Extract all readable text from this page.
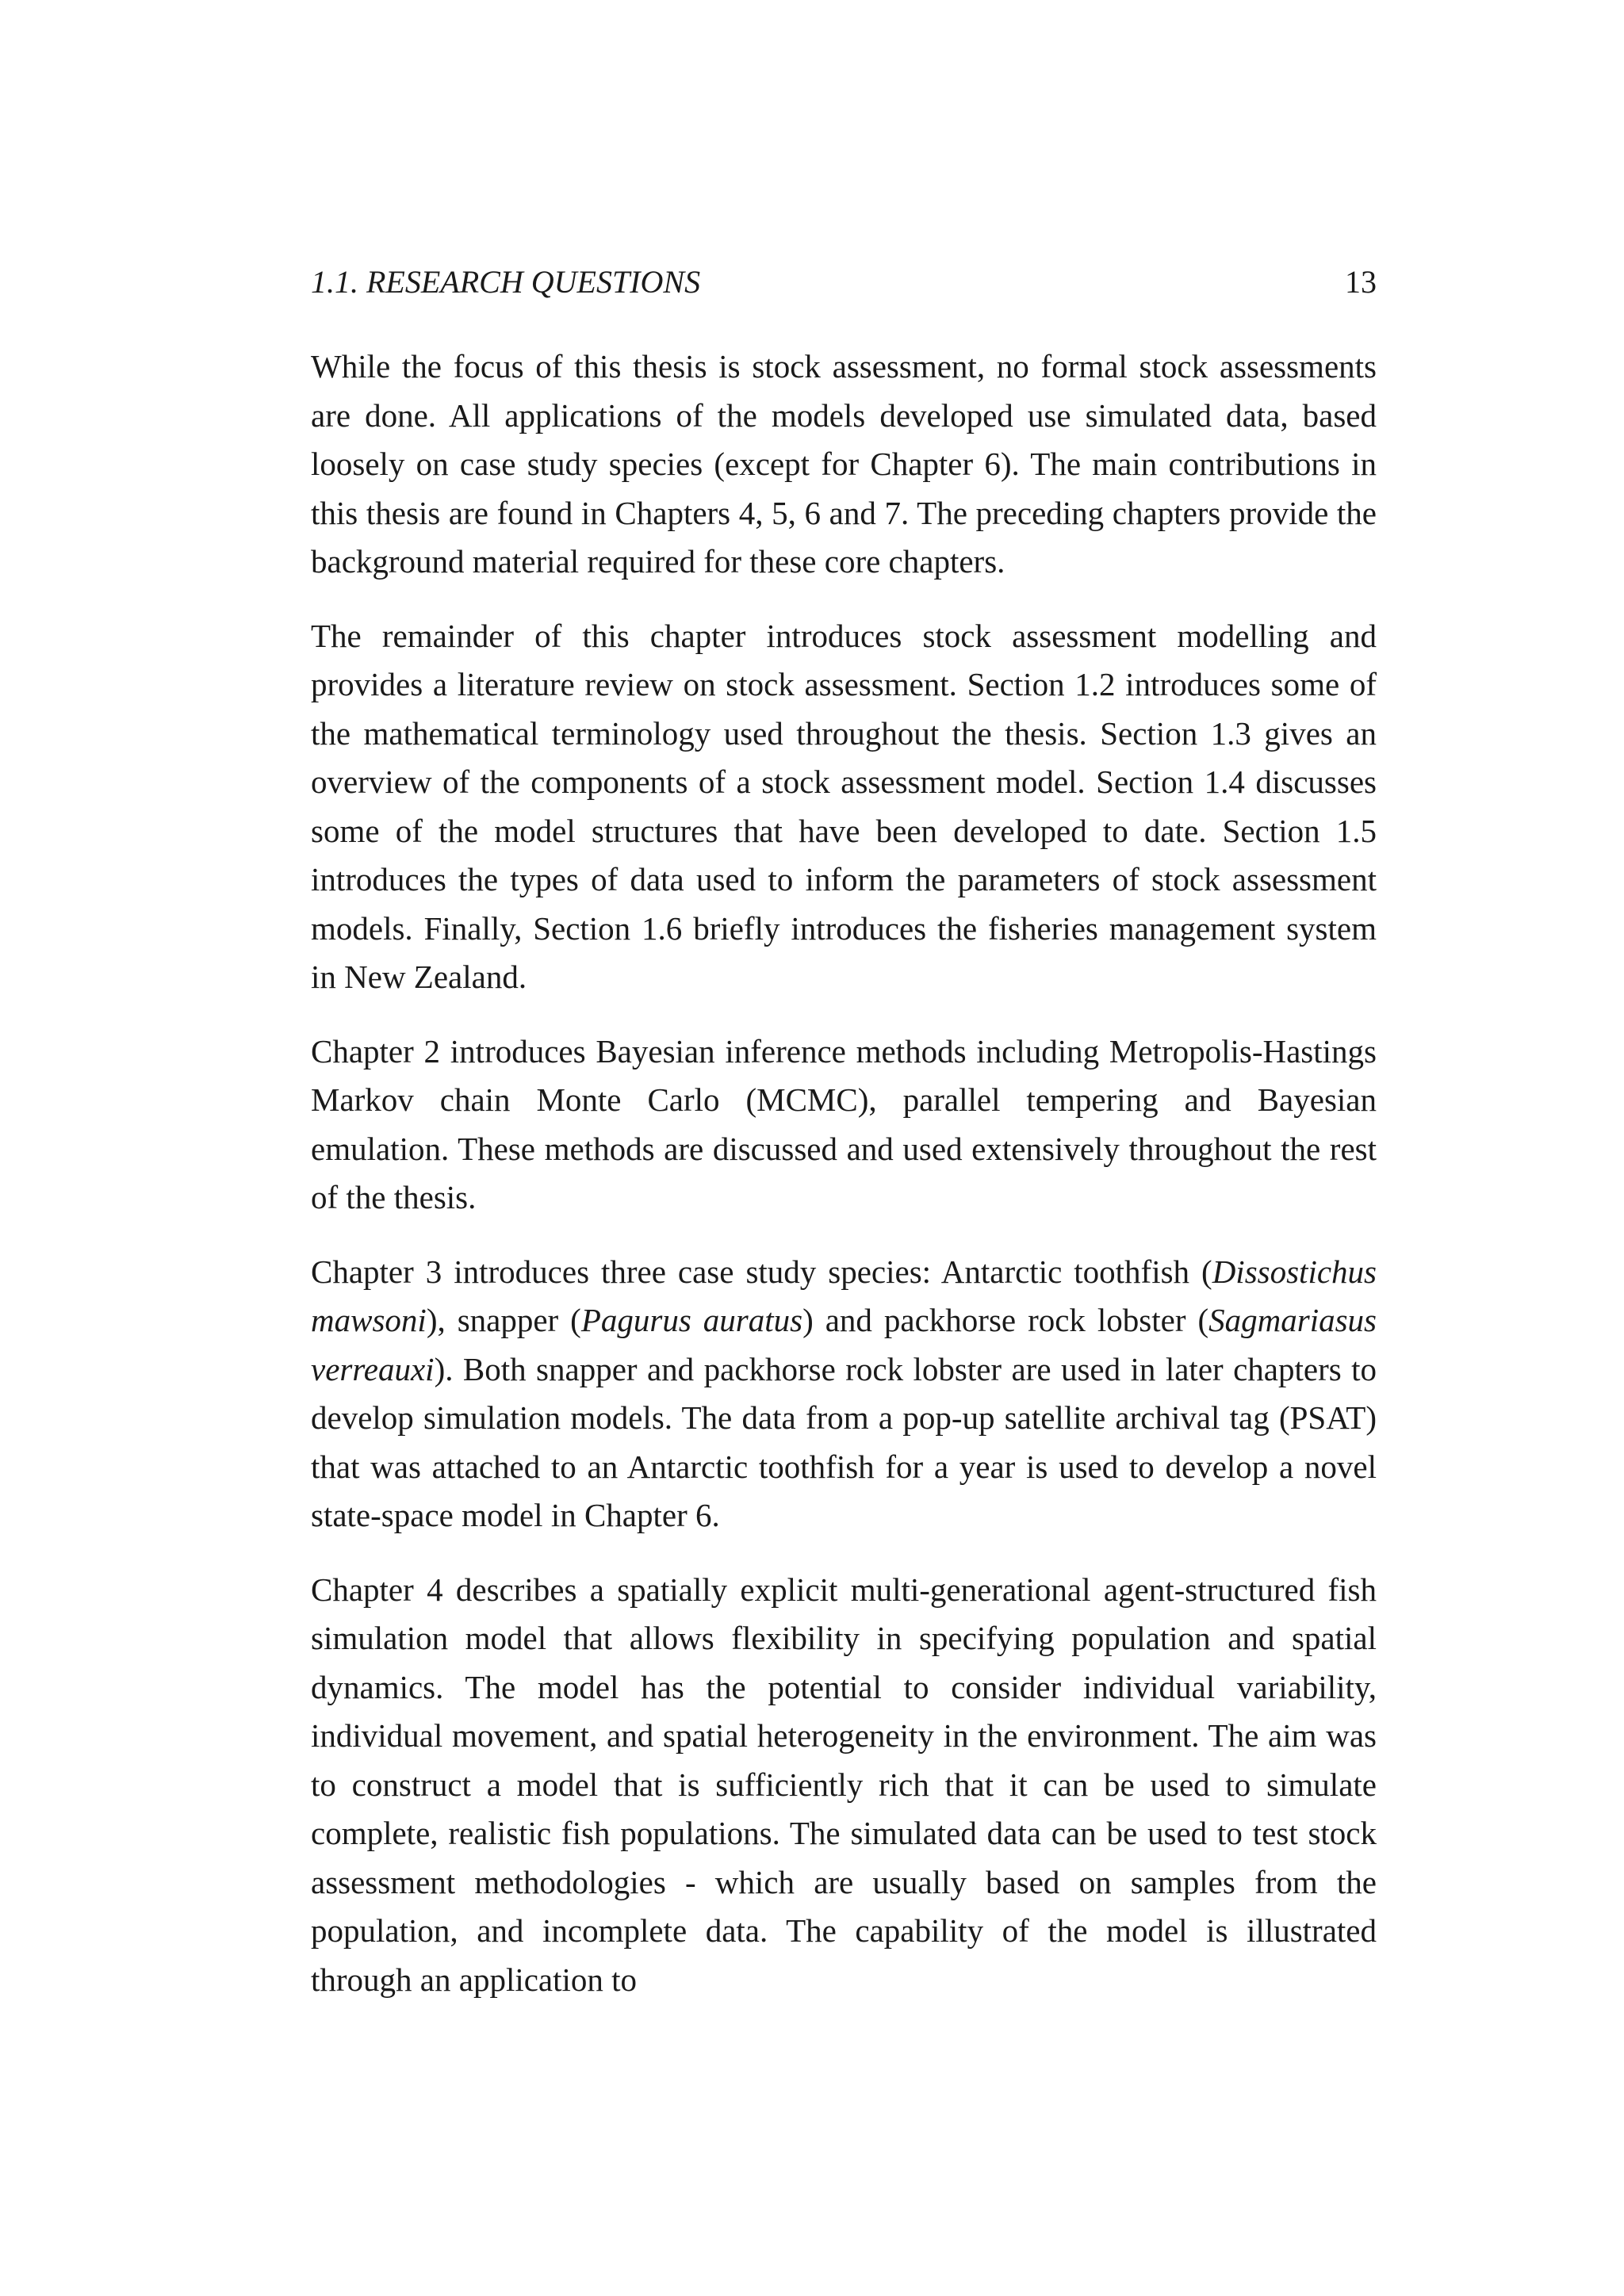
1.1. RESEARCH QUESTIONS	13

While the focus of this thesis is stock assessment, no formal stock assessments are done. All applications of the models developed use simulated data, based loosely on case study species (except for Chapter 6). The main contributions in this thesis are found in Chapters 4, 5, 6 and 7. The preceding chapters provide the background material required for these core chapters.

The remainder of this chapter introduces stock assessment modelling and provides a literature review on stock assessment. Section 1.2 introduces some of the mathematical terminology used throughout the thesis. Section 1.3 gives an overview of the components of a stock assessment model. Section 1.4 discusses some of the model structures that have been developed to date. Section 1.5 introduces the types of data used to inform the parameters of stock assessment models. Finally, Section 1.6 briefly introduces the fisheries management system in New Zealand.

Chapter 2 introduces Bayesian inference methods including Metropolis-Hastings Markov chain Monte Carlo (MCMC), parallel tempering and Bayesian emulation. These methods are discussed and used extensively throughout the rest of the thesis.

Chapter 3 introduces three case study species: Antarctic toothfish (Dissostichus mawsoni), snapper (Pagurus auratus) and packhorse rock lobster (Sagmariasus verreauxi). Both snapper and packhorse rock lobster are used in later chapters to develop simulation models. The data from a pop-up satellite archival tag (PSAT) that was attached to an Antarctic toothfish for a year is used to develop a novel state-space model in Chapter 6.

Chapter 4 describes a spatially explicit multi-generational agent-structured fish simulation model that allows flexibility in specifying population and spatial dynamics. The model has the potential to consider individual variability, individual movement, and spatial heterogeneity in the environment. The aim was to construct a model that is sufficiently rich that it can be used to simulate complete, realistic fish populations. The simulated data can be used to test stock assessment methodologies - which are usually based on samples from the population, and incomplete data. The capability of the model is illustrated through an application to
